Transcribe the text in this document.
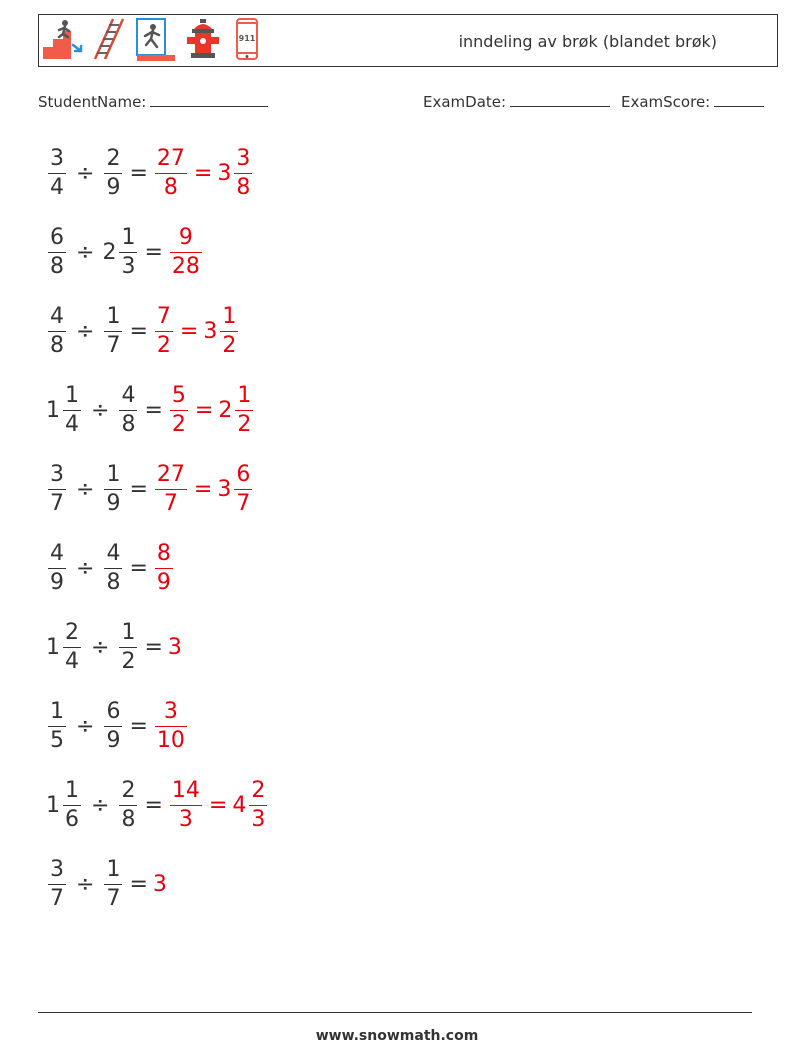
911	inndeling av brøk (blandet brøk)
StudentName:	ExamDate:	ExamScore:
$\frac{3}{4} \div \frac{2}{9} = \frac{27}{8} = 3 \frac{3}{8}$
$\frac{6}{8} \div 2 \frac{1}{3} = \frac{9}{28}$
$\frac{4}{8} \div \frac{1}{7} = \frac{7}{2} = 3 \frac{1}{2}$
$1 \frac{1}{4} \div \frac{4}{8} = \frac{5}{2} = 2 \frac{1}{2}$
$\frac{3}{7} \div \frac{1}{9} = \frac{27}{7} = 3 \frac{6}{7}$
$\frac{4}{9} \div \frac{4}{8} = \frac{8}{9}$
$1 \frac{2}{4} \div \frac{1}{2} = 3$
$\frac{1}{5} \div \frac{6}{9} = \frac{3}{10}$
$1 \frac{1}{6} \div \frac{2}{8} = \frac{14}{3} = 4 \frac{2}{3}$
$\frac{3}{7} \div \frac{1}{7} = 3$
www.snowmath.com
